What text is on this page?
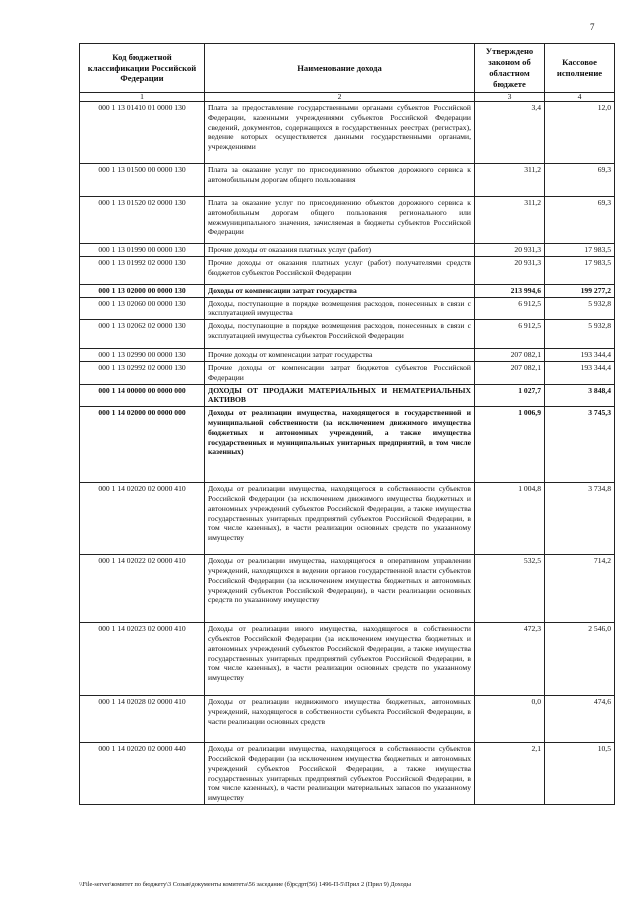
7
Код бюджетной классификации Российской Федерации	Наименование дохода	Утверждено законом об областном бюджете	Кассовое исполнение
1	2	3	4
000 1 13 01410 01 0000 130	Плата за предоставление государственными органами субъектов Российской Федерации, казенными учреждениями субъектов Российской Федерации сведений, документов, содержащихся в государственных реестрах (регистрах), ведение которых осуществляется данными государственными органами, учреждениями	3,4	12,0
000 1 13 01500 00 0000 130	Плата за оказание услуг по присоединению объектов дорожного сервиса к автомобильным дорогам общего пользования	311,2	69,3
000 1 13 01520 02 0000 130	Плата за оказание услуг по присоединению объектов дорожного сервиса к автомобильным дорогам общего пользования регионального или межмуниципального значения, зачисляемая в бюджеты субъектов Российской Федерации	311,2	69,3
000 1 13 01990 00 0000 130	Прочие доходы от оказания платных услуг (работ)	20 931,3	17 983,5
000 1 13 01992 02 0000 130	Прочие доходы от оказания платных услуг (работ) получателями средств бюджетов субъектов Российской Федерации	20 931,3	17 983,5
000 1 13 02000 00 0000 130	Доходы от компенсации затрат государства	213 994,6	199 277,2
000 1 13 02060 00 0000 130	Доходы, поступающие в порядке возмещения расходов, понесенных в связи с эксплуатацией имущества	6 912,5	5 932,8
000 1 13 02062 02 0000 130	Доходы, поступающие в порядке возмещения расходов, понесенных в связи с эксплуатацией имущества субъектов Российской Федерации	6 912,5	5 932,8
000 1 13 02990 00 0000 130	Прочие доходы от компенсации затрат государства	207 082,1	193 344,4
000 1 13 02992 02 0000 130	Прочие доходы от компенсации затрат бюджетов субъектов Российской Федерации	207 082,1	193 344,4
000 1 14 00000 00 0000 000	ДОХОДЫ ОТ ПРОДАЖИ МАТЕРИАЛЬНЫХ И НЕМАТЕРИАЛЬНЫХ АКТИВОВ	1 027,7	3 848,4
000 1 14 02000 00 0000 000	Доходы от реализации имущества, находящегося в государственной и муниципальной собственности (за исключением движимого имущества бюджетных и автономных учреждений, а также имущества государственных и муниципальных унитарных предприятий, в том числе казенных)	1 006,9	3 745,3
000 1 14 02020 02 0000 410	Доходы от реализации имущества, находящегося в собственности субъектов Российской Федерации (за исключением движимого имущества бюджетных и автономных учреждений субъектов Российской Федерации, а также имущества государственных унитарных предприятий субъектов Российской Федерации, в том числе казенных), в части реализации основных средств по указанному имуществу	1 004,8	3 734,8
000 1 14 02022 02 0000 410	Доходы от реализации имущества, находящегося в оперативном управлении учреждений, находящихся в ведении органов государственной власти субъектов Российской Федерации (за исключением имущества бюджетных и автономных учреждений субъектов Российской Федерации), в части реализации основных средств по указанному имуществу	532,5	714,2
000 1 14 02023 02 0000 410	Доходы от реализации иного имущества, находящегося в собственности субъектов Российской Федерации (за исключением имущества бюджетных и автономных учреждений субъектов Российской Федерации, а также имущества государственных унитарных предприятий субъектов Российской Федерации, в том числе казенных), в части реализации основных средств по указанному имуществу	472,3	2 546,0
000 1 14 02028 02 0000 410	Доходы от реализации недвижимого имущества бюджетных, автономных учреждений, находящегося в собственности субъекта Российской Федерации, в части реализации основных средств	0,0	474,6
000 1 14 02020 02 0000 440	Доходы от реализации имущества, находящегося в собственности субъектов Российской Федерации (за исключением имущества бюджетных и автономных учреждений субъектов Российской Федерации, а также имущества государственных унитарных предприятий субъектов Российской Федерации, в том числе казенных), в части реализации материальных запасов по указанному имуществу	2,1	10,5
\\File-server\комитет по бюджету\3 Созыв\документы комитета\56 заседание (б)рсдрт(56) 1496-П-5\Прил 2 (Прил 9) Доходы
